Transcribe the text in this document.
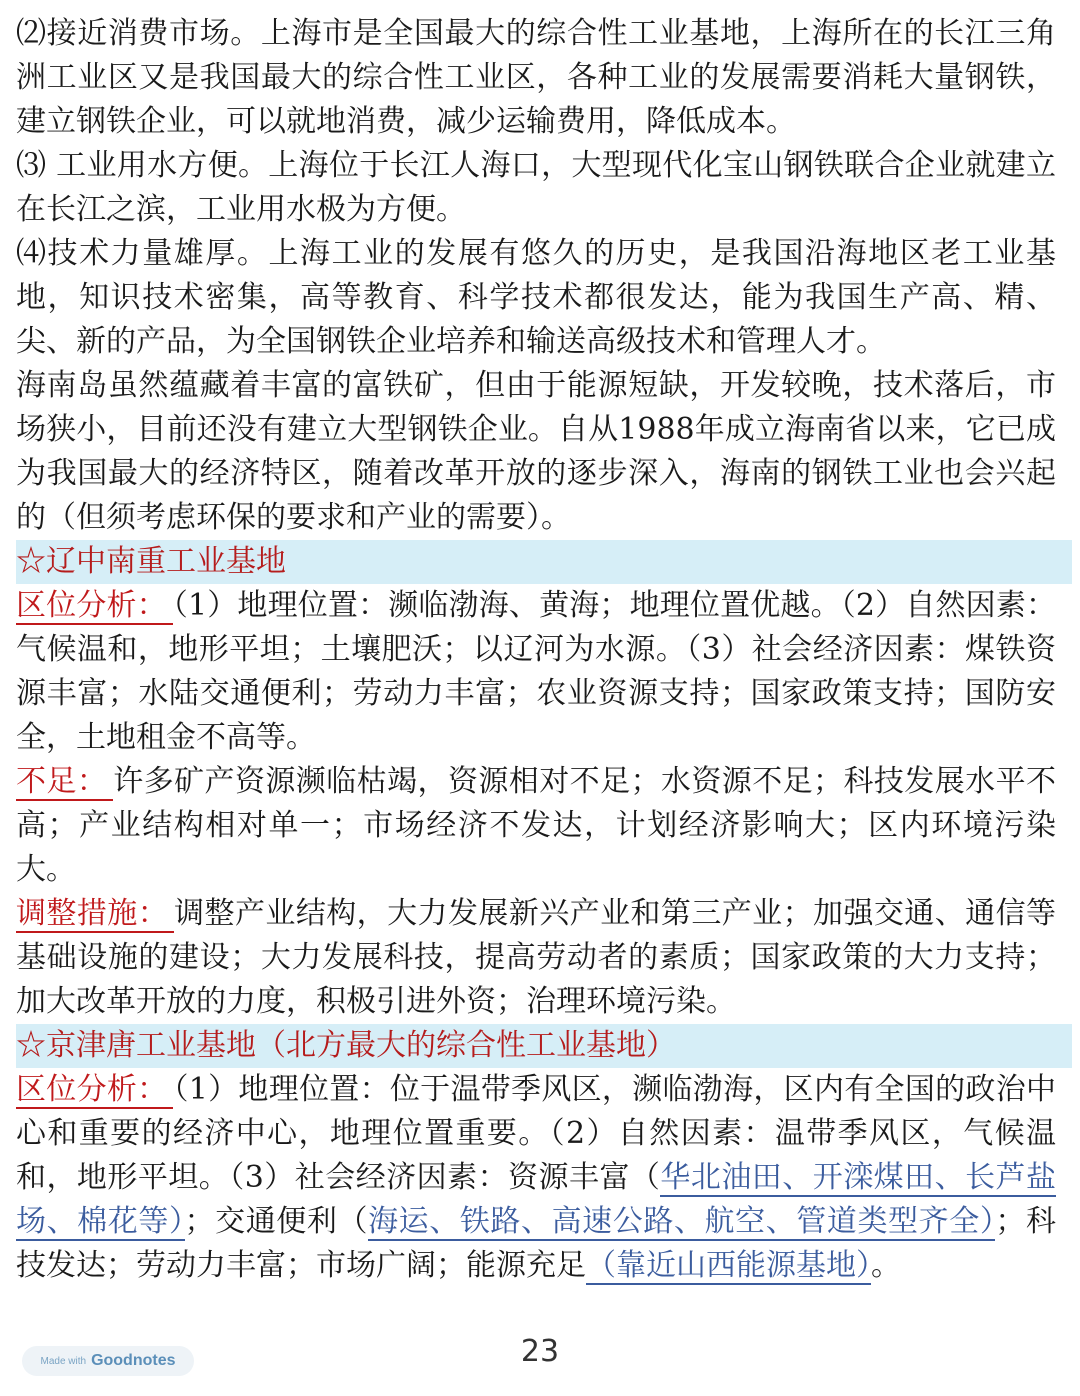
⑵接近消费市场。上海市是全国最大的综合性工业基地，上海所在的长江三角洲工业区又是我国最大的综合性工业区，各种工业的发展需要消耗大量钢铁，建立钢铁企业，可以就地消费，减少运输费用，降低成本。

⑶ 工业用水方便。上海位于长江人海口，大型现代化宝山钢铁联合企业就建立在长江之滨，工业用水极为方便。

⑷技术力量雄厚。上海工业的发展有悠久的历史，是我国沿海地区老工业基地，知识技术密集，高等教育、科学技术都很发达，能为我国生产高、精、尖、新的产品，为全国钢铁企业培养和输送高级技术和管理人才。

海南岛虽然蕴藏着丰富的富铁矿，但由于能源短缺，开发较晚，技术落后，市场狭小，目前还没有建立大型钢铁企业。自从1988年成立海南省以来，它已成为我国最大的经济特区，随着改革开放的逐步深入，海南的钢铁工业也会兴起的（但须考虑环保的要求和产业的需要）。

☆辽中南重工业基地

区位分析： （1）地理位置：濒临渤海、黄海；地理位置优越。（2）自然因素：气候温和，地形平坦；土壤肥沃；以辽河为水源。（3）社会经济因素：煤铁资源丰富；水陆交通便利；劳动力丰富；农业资源支持；国家政策支持；国防安全，土地租金不高等。

不足： 许多矿产资源濒临枯竭，资源相对不足；水资源不足；科技发展水平不高；产业结构相对单一；市场经济不发达，计划经济影响大；区内环境污染大。

调整措施： 调整产业结构，大力发展新兴产业和第三产业；加强交通、通信等基础设施的建设；大力发展科技，提高劳动者的素质；国家政策的大力支持；加大改革开放的力度，积极引进外资；治理环境污染。

☆京津唐工业基地（北方最大的综合性工业基地）

区位分析： （1）地理位置：位于温带季风区，濒临渤海，区内有全国的政治中心和重要的经济中心，地理位置重要。（2）自然因素：温带季风区，气候温和，地形平坦。（3）社会经济因素：资源丰富（华北油田、开滦煤田、长芦盐场、棉花等）；交通便利（海运、铁路、高速公路、航空、管道类型齐全）；科技发达；劳动力丰富；市场广阔；能源充足（靠近山西能源基地）。

Made with Goodnotes	23
